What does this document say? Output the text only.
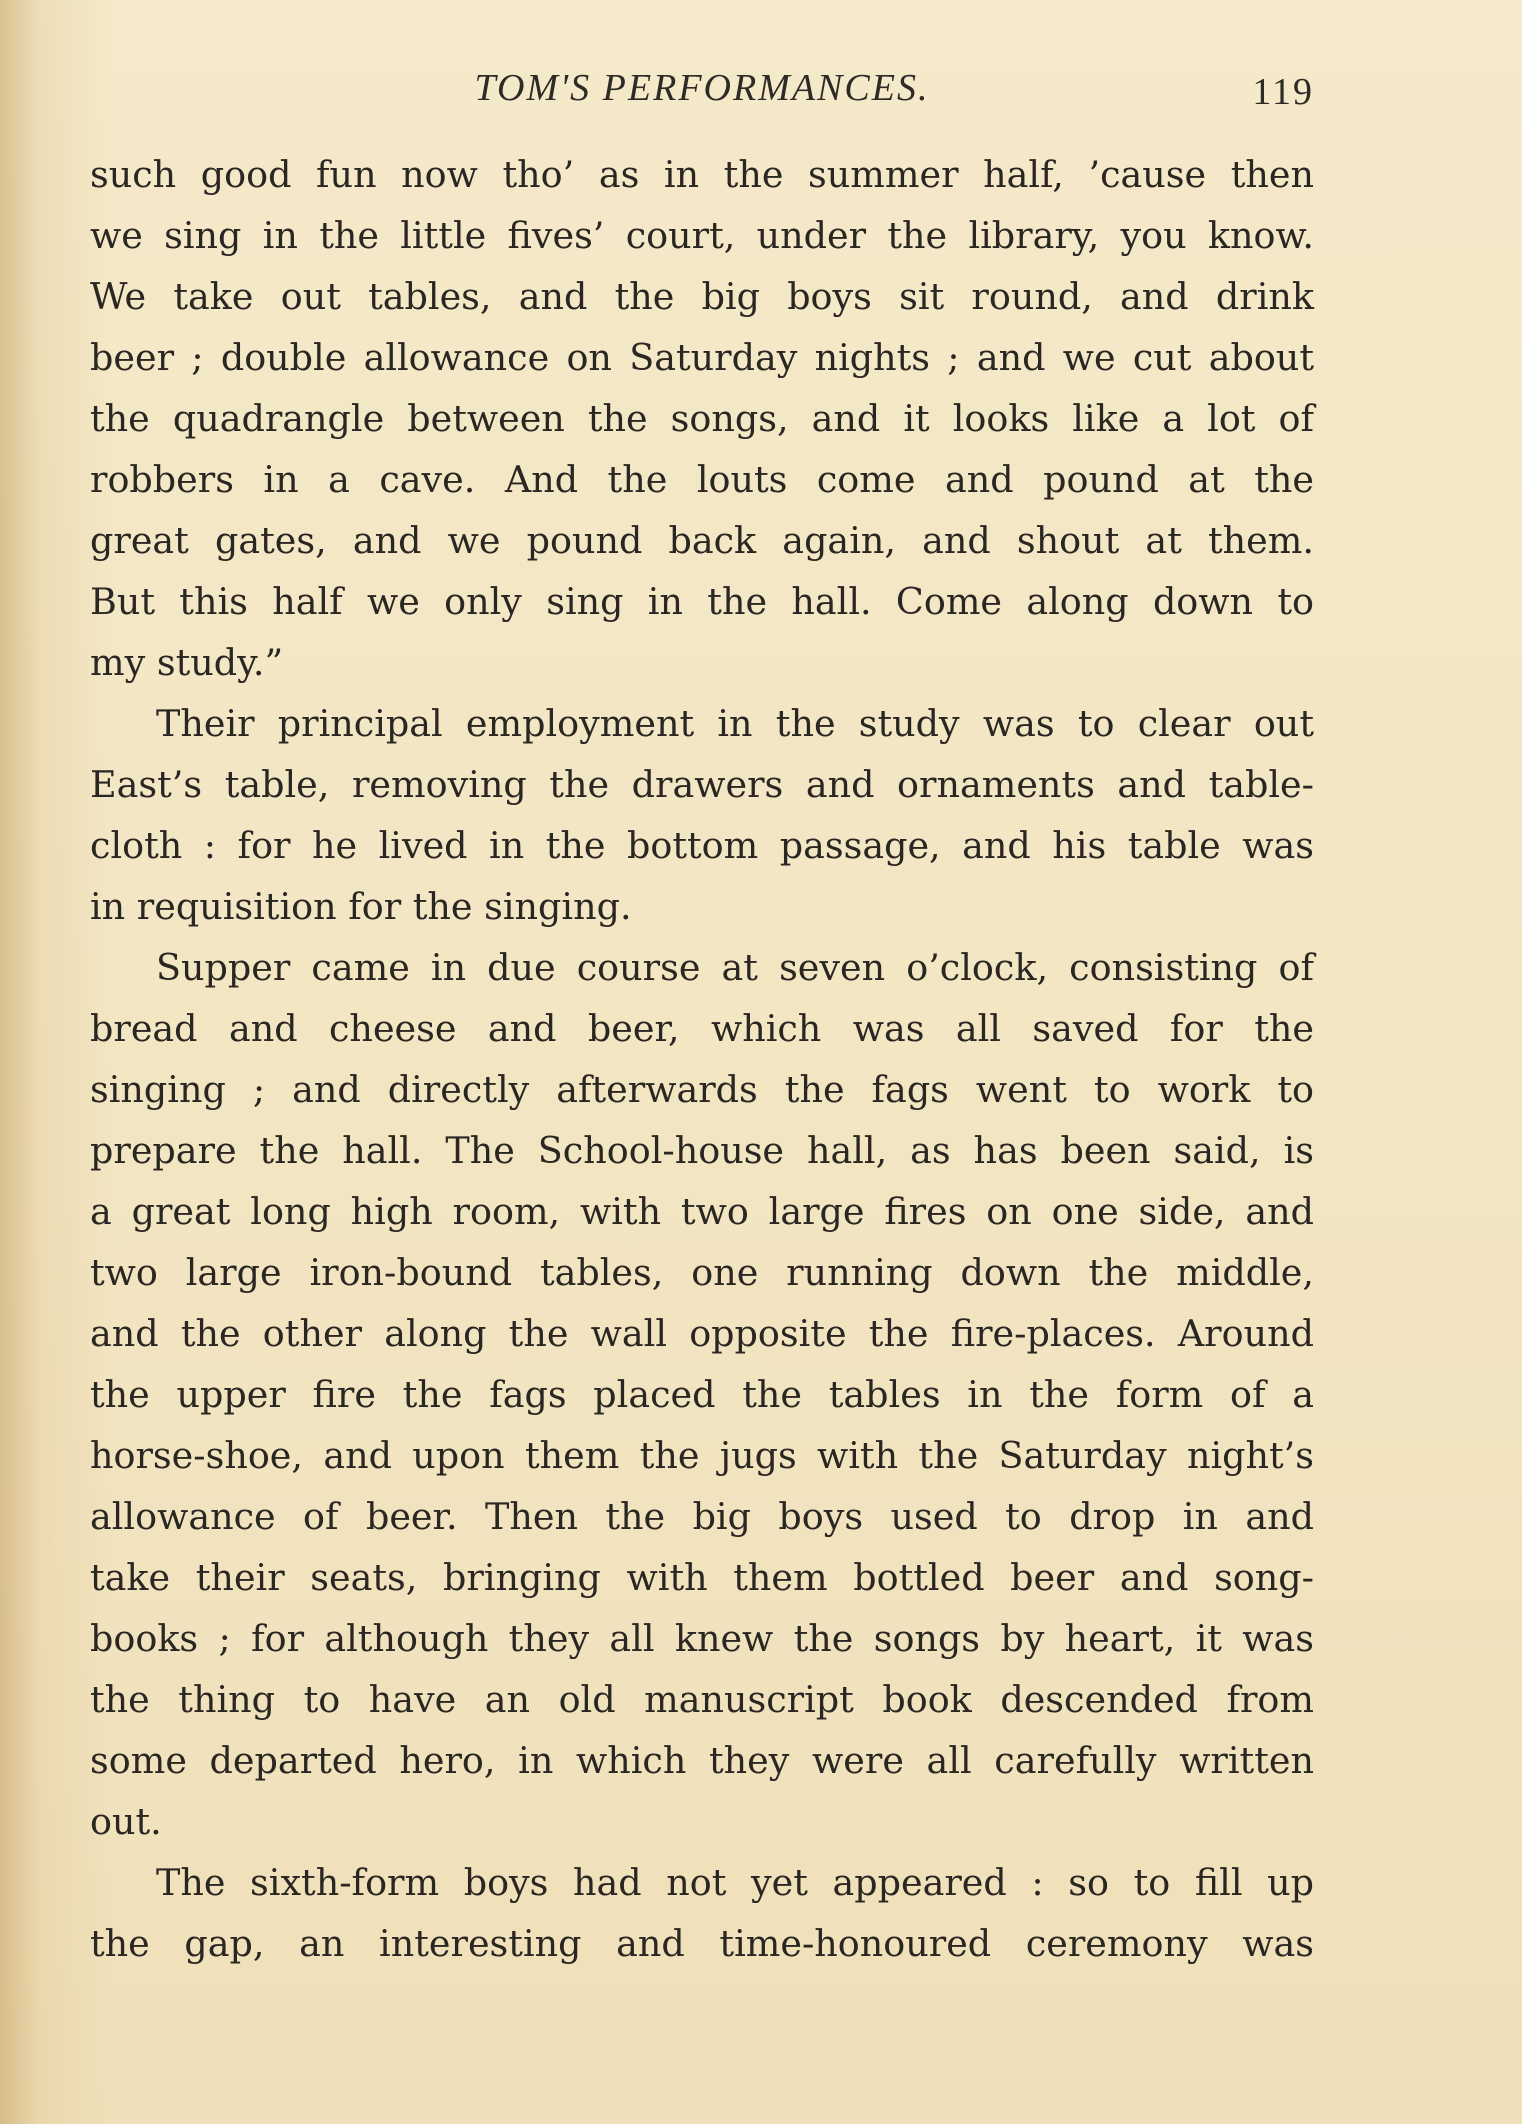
TOM'S PERFORMANCES.	119
such good fun now tho’ as in the summer half, ’cause then
we sing in the little fives’ court, under the library, you know.
We take out tables, and the big boys sit round, and drink
beer ; double allowance on Saturday nights ; and we cut about
the quadrangle between the songs, and it looks like a lot of
robbers in a cave. And the louts come and pound at the
great gates, and we pound back again, and shout at them.
But this half we only sing in the hall. Come along down to
my study.”
Their principal employment in the study was to clear out
East’s table, removing the drawers and ornaments and table-
cloth : for he lived in the bottom passage, and his table was
in requisition for the singing.
Supper came in due course at seven o’clock, consisting of
bread and cheese and beer, which was all saved for the
singing ; and directly afterwards the fags went to work to
prepare the hall. The School-house hall, as has been said, is
a great long high room, with two large fires on one side, and
two large iron-bound tables, one running down the middle,
and the other along the wall opposite the fire-places. Around
the upper fire the fags placed the tables in the form of a
horse-shoe, and upon them the jugs with the Saturday night’s
allowance of beer. Then the big boys used to drop in and
take their seats, bringing with them bottled beer and song-
books ; for although they all knew the songs by heart, it was
the thing to have an old manuscript book descended from
some departed hero, in which they were all carefully written
out.
The sixth-form boys had not yet appeared : so to fill up
the gap, an interesting and time-honoured ceremony was
